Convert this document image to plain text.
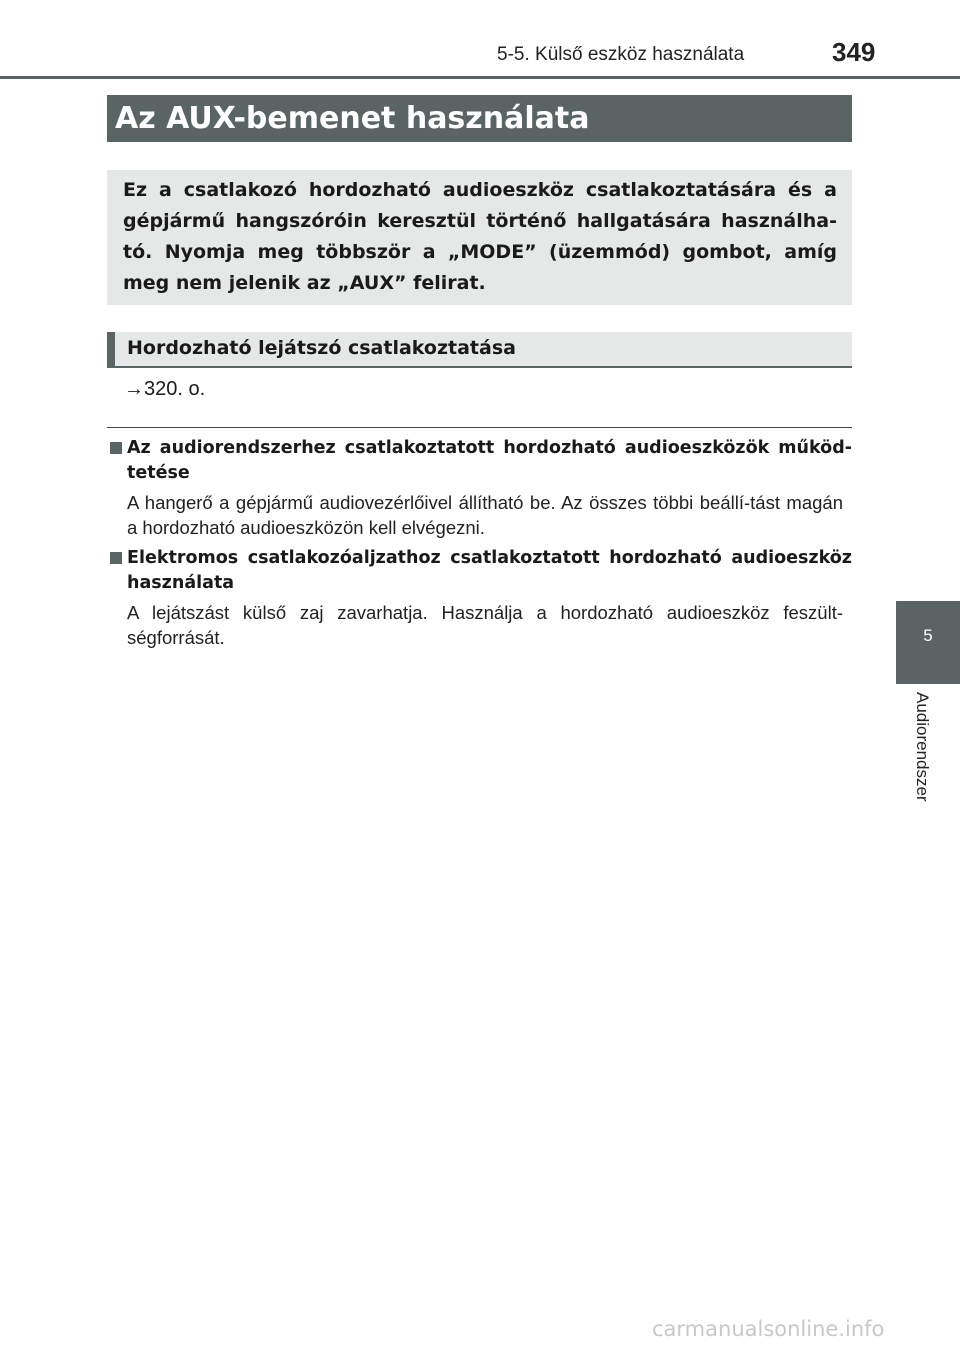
5-5. Külső eszköz használata	349
Az AUX-bemenet használata

Ez a csatlakozó hordozható audioeszköz csatlakoztatására és a gépjármű hangszóróin keresztül történő hallgatására használha-tó. Nyomja meg többször a „MODE” (üzemmód) gombot, amíg meg nem jelenik az „AUX” felirat.

Hordozható lejátszó csatlakoztatása
→320. o.
Az audiorendszerhez csatlakoztatott hordozható audioeszközök működ-tetése

A hangerő a gépjármű audiovezérlőivel állítható be. Az összes többi beállí-tást magán a hordozható audioeszközön kell elvégezni.

Elektromos csatlakozóaljzathoz csatlakoztatott hordozható audioeszköz használata

A lejátszást külső zaj zavarhatja. Használja a hordozható audioeszköz feszült-ségforrását.	5
Audiorendszer
carmanualsonline.info
